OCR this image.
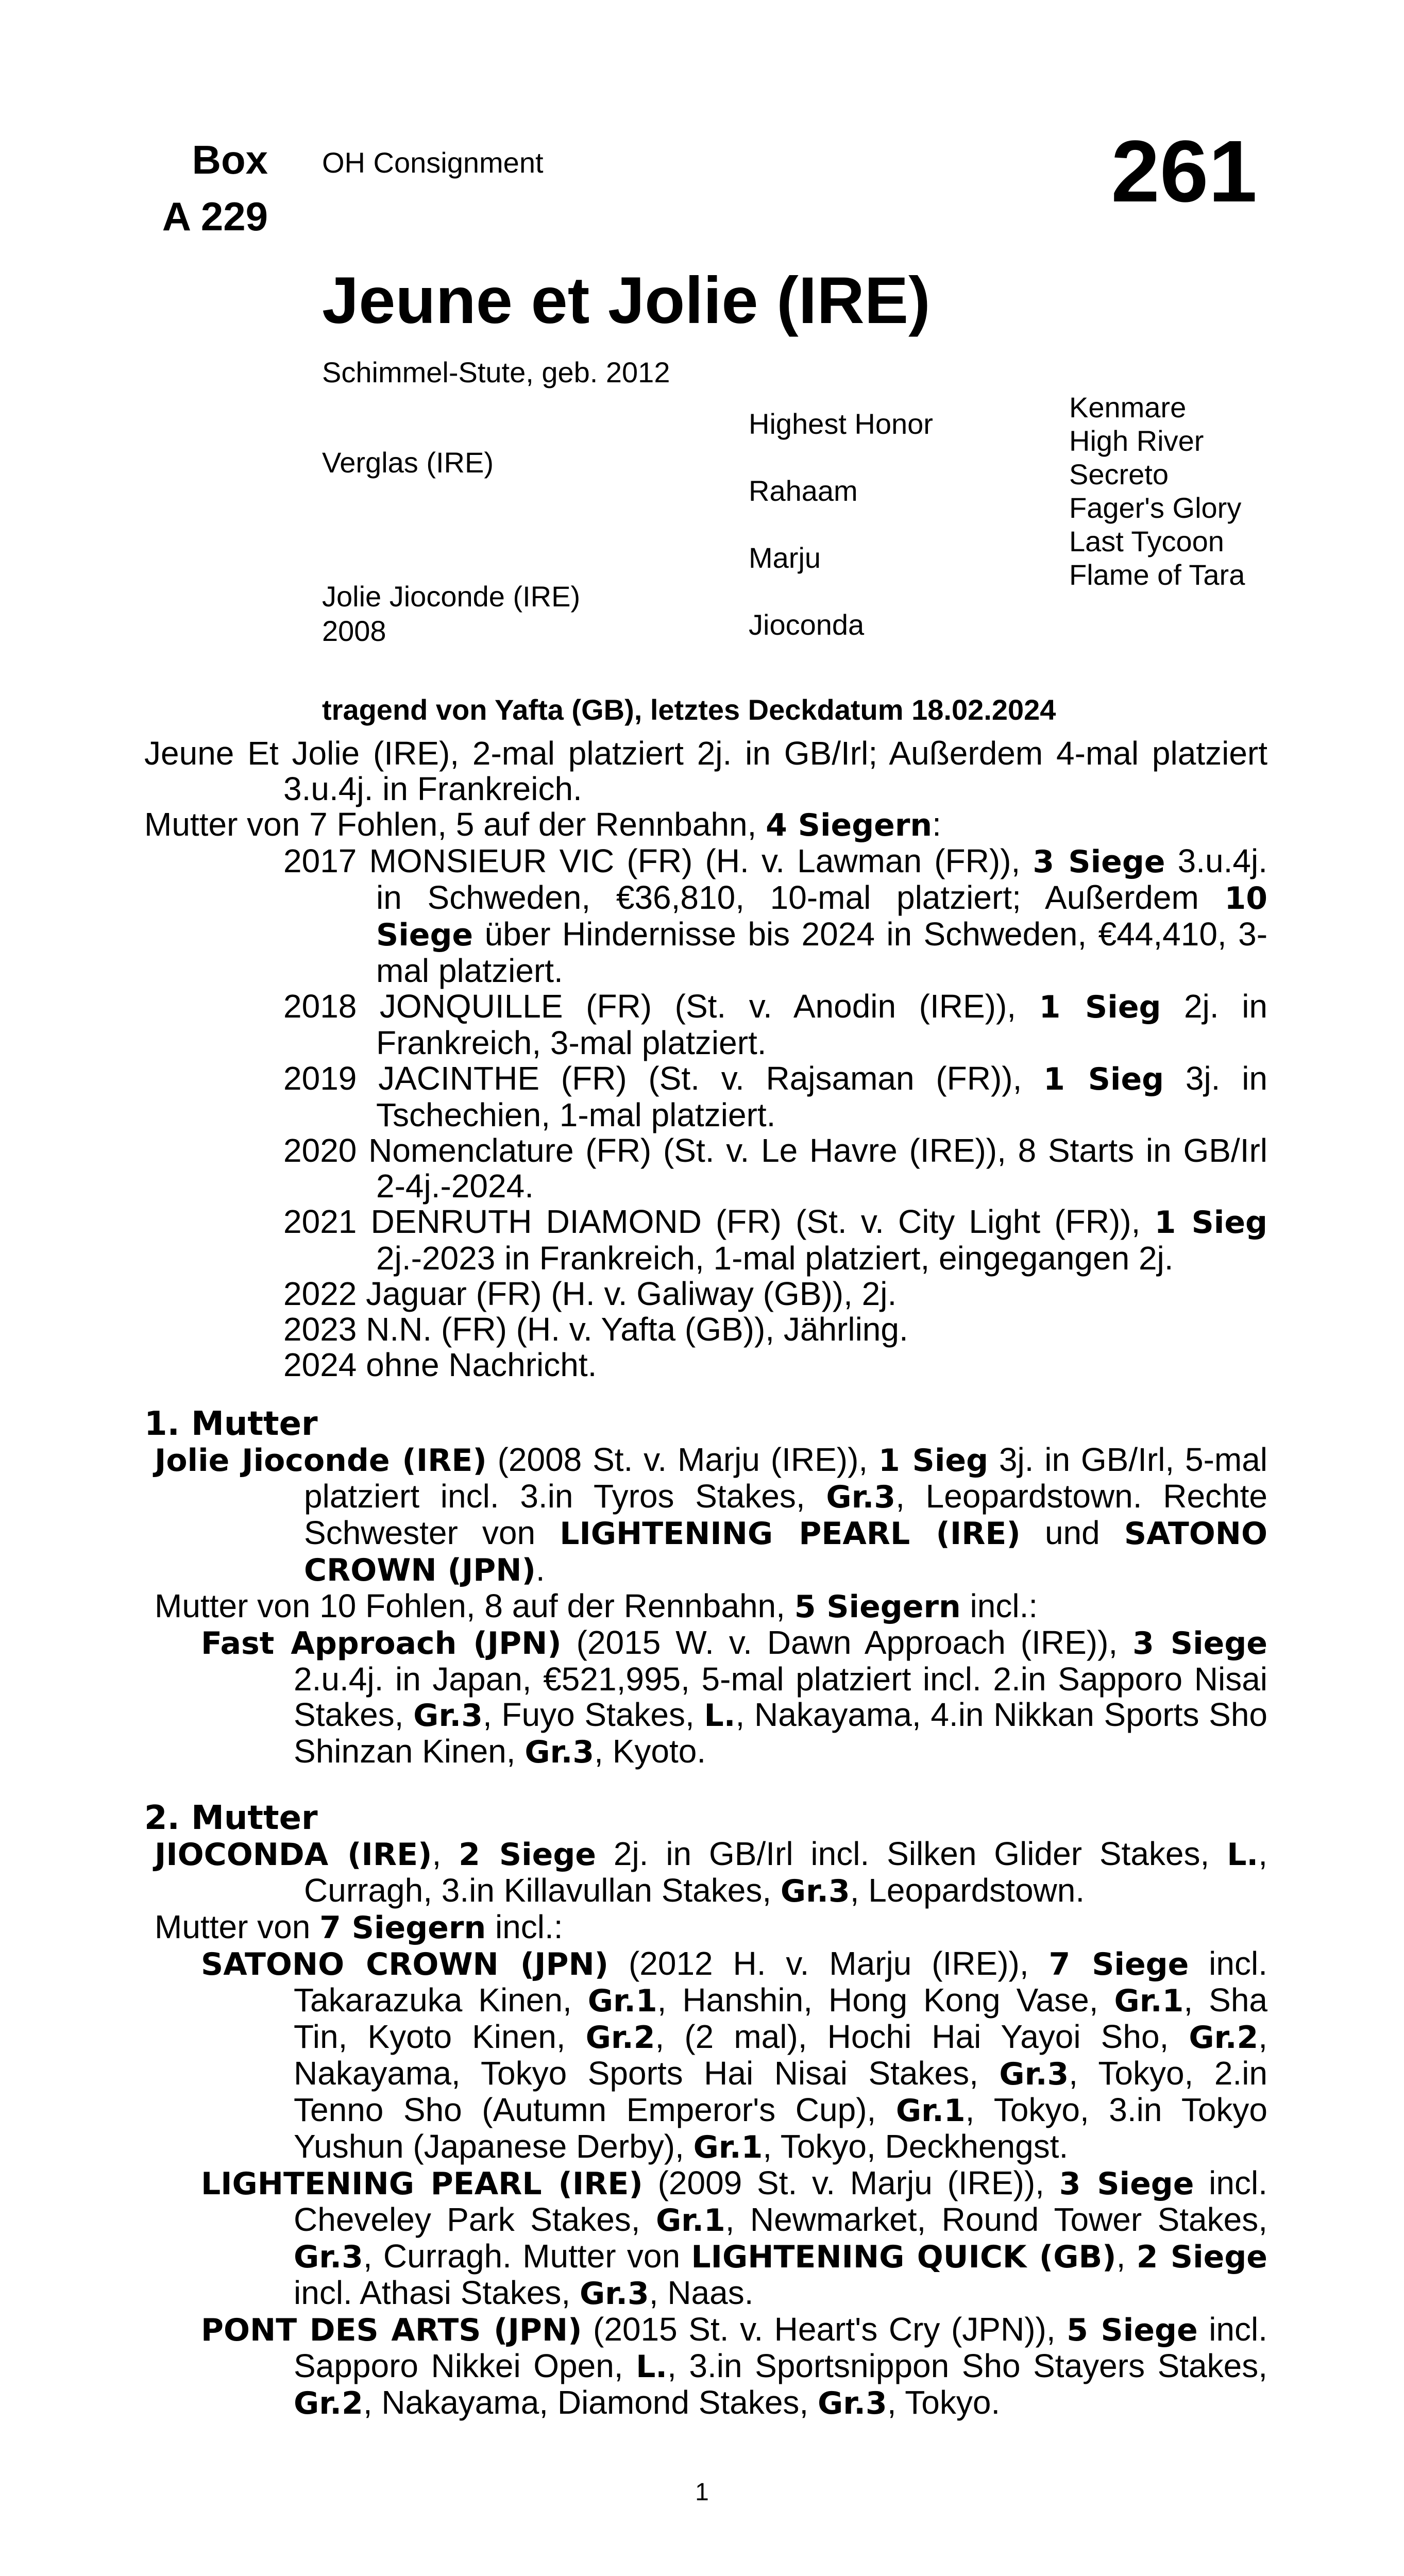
Box
A 229
OH Consignment	261
Jeune et Jolie (IRE)
Schimmel-Stute, geb. 2012
Verglas (IRE)
Jolie Jioconde (IRE)
2008
Highest Honor
Rahaam
Marju
Jioconda
Kenmare
High River
Secreto
Fager's Glory
Last Tycoon
Flame of Tara
tragend von Yafta (GB), letztes Deckdatum 18.02.2024

Jeune Et Jolie (IRE), 2-mal platziert 2j. in GB/Irl; Außerdem 4-mal platziert 3.u.4j. in Frankreich.

Mutter von 7 Fohlen, 5 auf der Rennbahn, 4 Siegern:

2017 MONSIEUR VIC (FR) (H. v. Lawman (FR)), 3 Siege 3.u.4j. in Schweden, €36,810, 10-mal platziert; Außerdem 10 Siege über Hindernisse bis 2024 in Schweden, €44,410, 3-mal platziert.

2018 JONQUILLE (FR) (St. v. Anodin (IRE)), 1 Sieg 2j. in Frankreich, 3-mal platziert.

2019 JACINTHE (FR) (St. v. Rajsaman (FR)), 1 Sieg 3j. in Tschechien, 1-mal platziert.

2020 Nomenclature (FR) (St. v. Le Havre (IRE)), 8 Starts in GB/Irl 2-4j.-2024.

2021 DENRUTH DIAMOND (FR) (St. v. City Light (FR)), 1 Sieg 2j.-2023 in Frankreich, 1-mal platziert, eingegangen 2j.

2022 Jaguar (FR) (H. v. Galiway (GB)), 2j.

2023 N.N. (FR) (H. v. Yafta (GB)), Jährling.

2024 ohne Nachricht.

1. Mutter

Jolie Jioconde (IRE) (2008 St. v. Marju (IRE)), 1 Sieg 3j. in GB/Irl, 5-mal platziert incl. 3.in Tyros Stakes, Gr.3, Leopardstown. Rechte Schwester von LIGHTENING PEARL (IRE) und SATONO CROWN (JPN).

Mutter von 10 Fohlen, 8 auf der Rennbahn, 5 Siegern incl.:

Fast Approach (JPN) (2015 W. v. Dawn Approach (IRE)), 3 Siege 2.u.4j. in Japan, €521,995, 5-mal platziert incl. 2.in Sapporo Nisai Stakes, Gr.3, Fuyo Stakes, L., Nakayama, 4.in Nikkan Sports Sho Shinzan Kinen, Gr.3, Kyoto.

2. Mutter

JIOCONDA (IRE), 2 Siege 2j. in GB/Irl incl. Silken Glider Stakes, L., Curragh, 3.in Killavullan Stakes, Gr.3, Leopardstown.

Mutter von 7 Siegern incl.:

SATONO CROWN (JPN) (2012 H. v. Marju (IRE)), 7 Siege incl. Takarazuka Kinen, Gr.1, Hanshin, Hong Kong Vase, Gr.1, Sha Tin, Kyoto Kinen, Gr.2, (2 mal), Hochi Hai Yayoi Sho, Gr.2, Nakayama, Tokyo Sports Hai Nisai Stakes, Gr.3, Tokyo, 2.in Tenno Sho (Autumn Emperor's Cup), Gr.1, Tokyo, 3.in Tokyo Yushun (Japanese Derby), Gr.1, Tokyo, Deckhengst.

LIGHTENING PEARL (IRE) (2009 St. v. Marju (IRE)), 3 Siege incl. Cheveley Park Stakes, Gr.1, Newmarket, Round Tower Stakes, Gr.3, Curragh. Mutter von LIGHTENING QUICK (GB), 2 Siege incl. Athasi Stakes, Gr.3, Naas.

PONT DES ARTS (JPN) (2015 St. v. Heart's Cry (JPN)), 5 Siege incl. Sapporo Nikkei Open, L., 3.in Sportsnippon Sho Stayers Stakes, Gr.2, Nakayama, Diamond Stakes, Gr.3, Tokyo.

1
